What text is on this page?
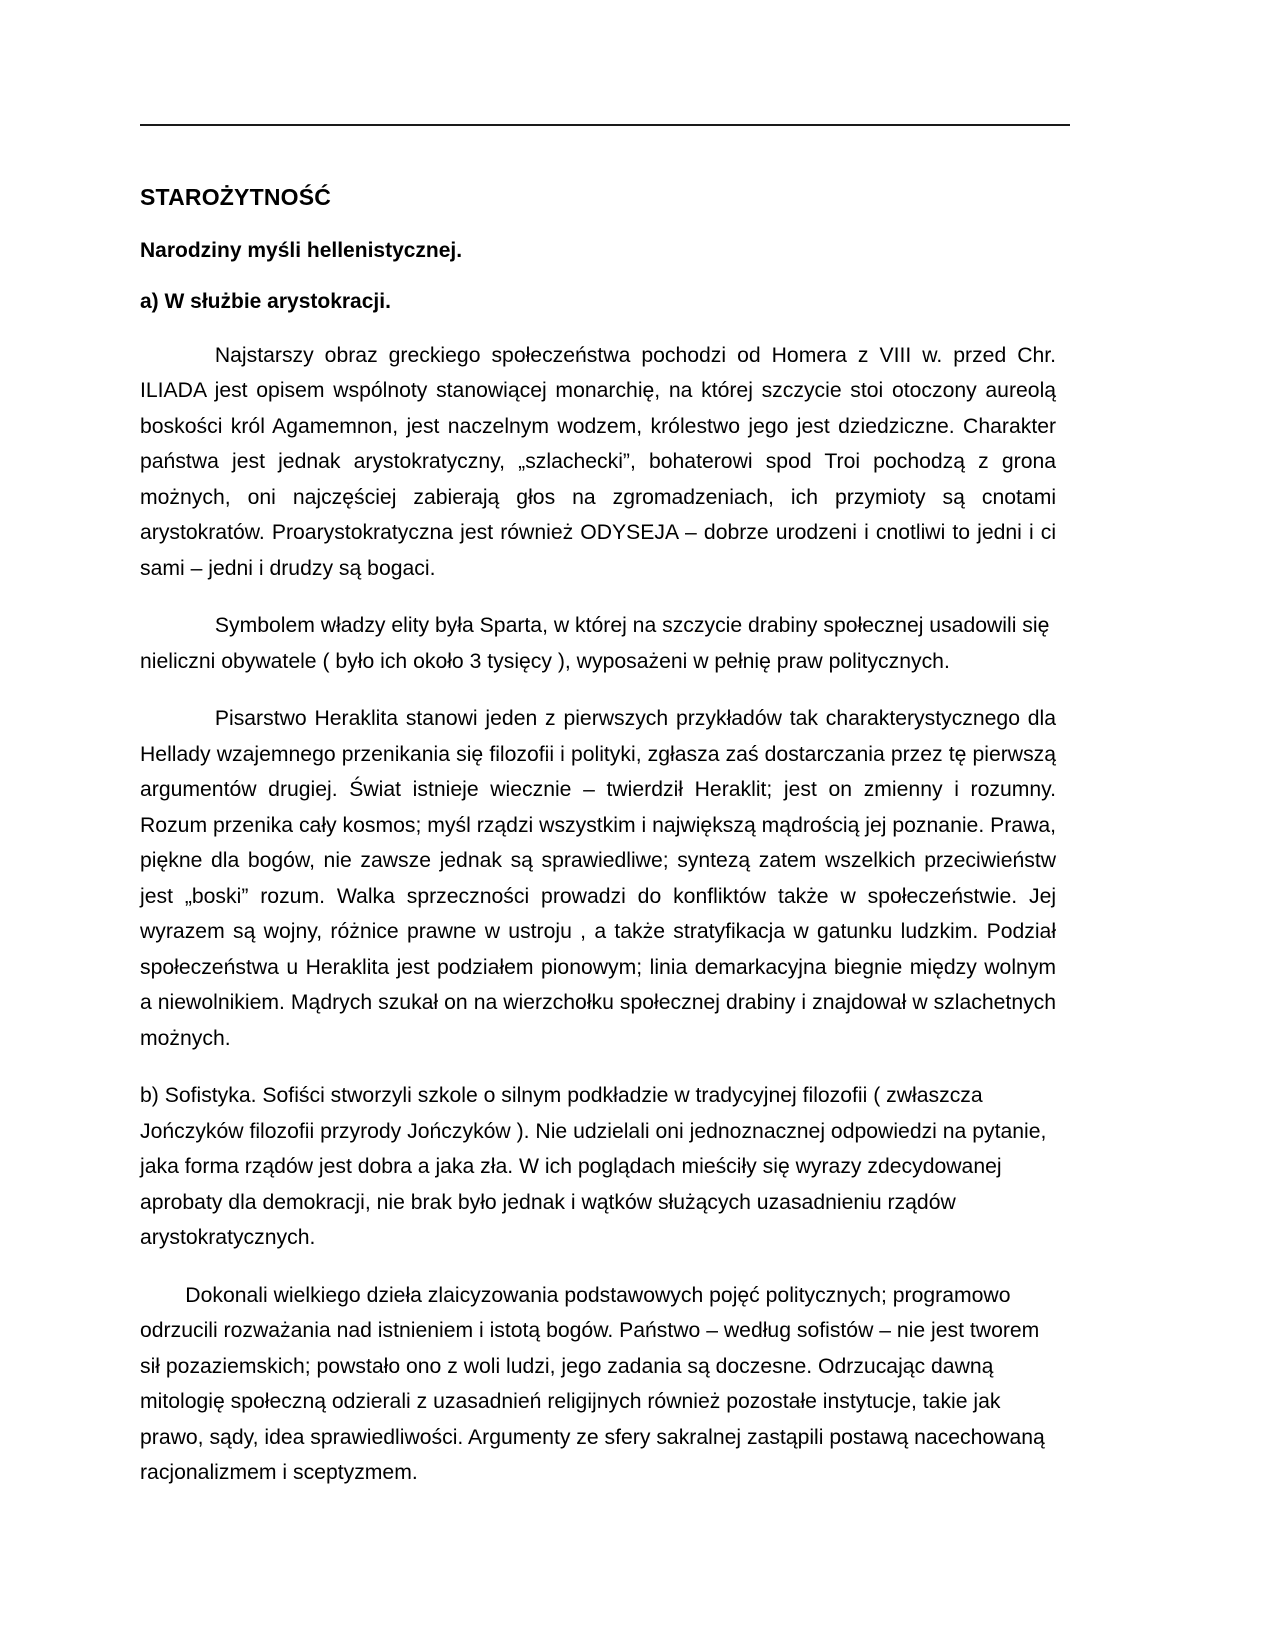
STAROŻYTNOŚĆ
Narodziny myśli hellenistycznej.
a) W służbie arystokracji.

Najstarszy obraz greckiego społeczeństwa pochodzi od Homera z VIII w. przed Chr. ILIADA jest opisem wspólnoty stanowiącej monarchię, na której szczycie stoi otoczony aureolą boskości król Agamemnon, jest naczelnym wodzem, królestwo jego jest dziedziczne. Charakter państwa jest jednak arystokratyczny, „szlachecki”, bohaterowi spod Troi pochodzą z grona możnych, oni najczęściej zabierają głos na zgromadzeniach, ich przymioty są cnotami arystokratów. Proarystokratyczna jest również ODYSEJA – dobrze urodzeni i cnotliwi to jedni i ci sami – jedni i drudzy są bogaci.

Symbolem władzy elity była Sparta, w której na szczycie drabiny społecznej usadowili się nieliczni obywatele ( było ich około 3 tysięcy ), wyposażeni w pełnię praw politycznych.

Pisarstwo Heraklita stanowi jeden z pierwszych przykładów tak charakterystycznego dla Hellady wzajemnego przenikania się filozofii i polityki, zgłasza zaś dostarczania przez tę pierwszą argumentów drugiej. Świat istnieje wiecznie – twierdził Heraklit; jest on zmienny i rozumny. Rozum przenika cały kosmos; myśl rządzi wszystkim i największą mądrością jej poznanie. Prawa, piękne dla bogów, nie zawsze jednak są sprawiedliwe; syntezą zatem wszelkich przeciwieństw jest „boski” rozum. Walka sprzeczności prowadzi do konfliktów także w społeczeństwie. Jej wyrazem są wojny, różnice prawne w ustroju , a także stratyfikacja w gatunku ludzkim. Podział społeczeństwa u Heraklita jest podziałem pionowym; linia demarkacyjna biegnie między wolnym a niewolnikiem. Mądrych szukał on na wierzchołku społecznej drabiny i znajdował w szlachetnych możnych.

b) Sofistyka. Sofiści stworzyli szkole o silnym podkładzie w tradycyjnej filozofii ( zwłaszcza Jończyków filozofii przyrody Jończyków ). Nie udzielali oni jednoznacznej odpowiedzi na pytanie, jaka forma rządów jest dobra a jaka zła. W ich poglądach mieściły się wyrazy zdecydowanej aprobaty dla demokracji, nie brak było jednak i wątków służących uzasadnieniu rządów arystokratycznych.

Dokonali wielkiego dzieła zlaicyzowania podstawowych pojęć politycznych; programowo odrzucili rozważania nad istnieniem i istotą bogów. Państwo – według sofistów – nie jest tworem sił pozaziemskich; powstało ono z woli ludzi, jego zadania są doczesne. Odrzucając dawną mitologię społeczną odzierali z uzasadnień religijnych również pozostałe instytucje, takie jak prawo, sądy, idea sprawiedliwości. Argumenty ze sfery sakralnej zastąpili postawą nacechowaną racjonalizmem i sceptyzmem.
